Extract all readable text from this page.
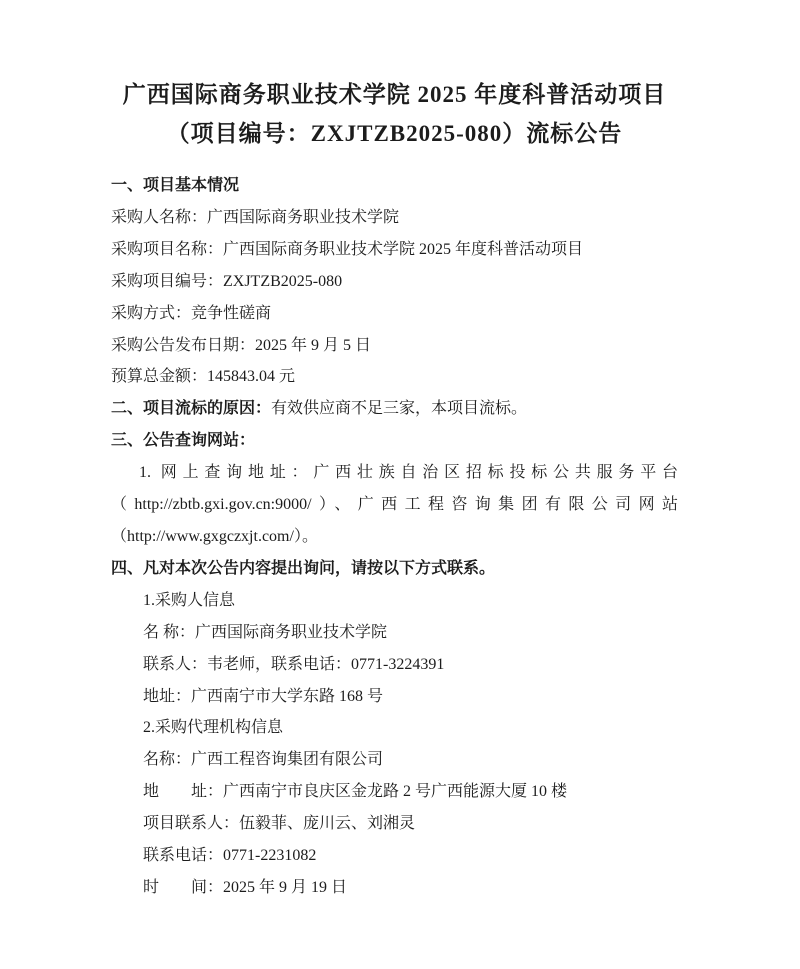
广西国际商务职业技术学院 2025 年度科普活动项目
（项目编号：ZXJTZB2025-080）流标公告

一、项目基本情况

采购人名称：广西国际商务职业技术学院

采购项目名称：广西国际商务职业技术学院 2025 年度科普活动项目

采购项目编号：ZXJTZB2025-080

采购方式：竞争性磋商

采购公告发布日期：2025 年 9 月 5 日

预算总金额：145843.04 元

二、项目流标的原因：有效供应商不足三家，本项目流标。

三、公告查询网站：

1. 网上查询地址：广西壮族自治区招标投标公共服务平台

（http://zbtb.gxi.gov.cn:9000/）、广西工程咨询集团有限公司网站

（http://www.gxgczxjt.com/）。

四、凡对本次公告内容提出询问，请按以下方式联系。

1.采购人信息

名 称：广西国际商务职业技术学院

联系人：韦老师，联系电话：0771-3224391

地址：广西南宁市大学东路 168 号

2.采购代理机构信息

名称：广西工程咨询集团有限公司

地　　址：广西南宁市良庆区金龙路 2 号广西能源大厦 10 楼

项目联系人：伍毅菲、庞川云、刘湘灵

联系电话：0771-2231082

时　　间：2025 年 9 月 19 日
